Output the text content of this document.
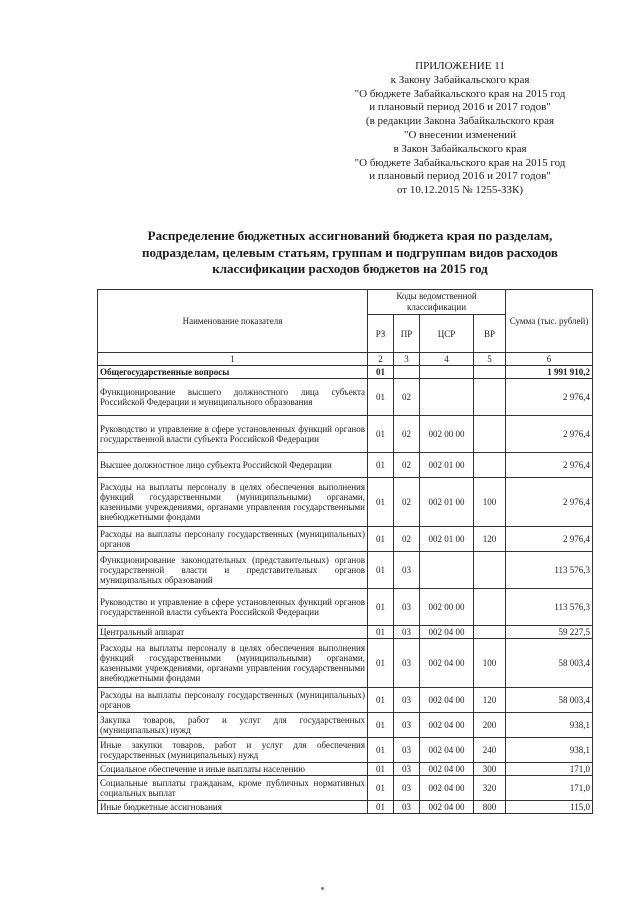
ПРИЛОЖЕНИЕ 11
к Закону Забайкальского края
"О бюджете Забайкальского края на 2015 год
и плановый период 2016 и 2017 годов"
(в редакции Закона Забайкальского края
"О внесении изменений
в Закон Забайкальского края
"О бюджете Забайкальского края на 2015 год
и плановый период 2016 и 2017 годов"
от 10.12.2015 № 1255-ЗЗК)
Распределение бюджетных ассигнований бюджета края по разделам,
подразделам, целевым статьям, группам и подгруппам видов расходов
классификации расходов бюджетов на 2015 год
Наименование показателя	Коды ведомственной классификации				Сумма (тыс. рублей)
	РЗ	ПР	ЦСР	ВР	
1	2	3	4	5	6
Общегосударственные вопросы	01				1 991 910,2
Функционирование высшего должностного лица субъекта Российской Федерации и муниципального образования	01	02			2 976,4
Руководство и управление в сфере установленных функций органов государственной власти субъекта Российской Федерации	01	02	002 00 00		2 976,4
Высшее должностное лицо субъекта Российской Федерации	01	02	002 01 00		2 976,4
Расходы на выплаты персоналу в целях обеспечения выполнения функций государственными (муниципальными) органами, казенными учреждениями, органами управления государственными внебюджетными фондами	01	02	002 01 00	100	2 976,4
Расходы на выплаты персоналу государственных (муниципальных) органов	01	02	002 01 00	120	2 976,4
Функционирование законодательных (представительных) органов государственной власти и представительных органов муниципальных образований	01	03			113 576,3
Руководство и управление в сфере установленных функций органов государственной власти субъекта Российской Федерации	01	03	002 00 00		113 576,3
Центральный аппарат	01	03	002 04 00		59 227,5
Расходы на выплаты персоналу в целях обеспечения выполнения функций государственными (муниципальными) органами, казенными учреждениями, органами управления государственными внебюджетными фондами	01	03	002 04 00	100	58 003,4
Расходы на выплаты персоналу государственных (муниципальных) органов	01	03	002 04 00	120	58 003,4
Закупка товаров, работ и услуг для государственных (муниципальных) нужд	01	03	002 04 00	200	938,1
Иные закупки товаров, работ и услуг для обеспечения государственных (муниципальных) нужд	01	03	002 04 00	240	938,1
Социальное обеспечение и иные выплаты населению	01	03	002 04 00	300	171,0
Социальные выплаты гражданам, кроме публичных нормативных социальных выплат	01	03	002 04 00	320	171,0
Иные бюджетные ассигнования	01	03	002 04 00	800	115,0
